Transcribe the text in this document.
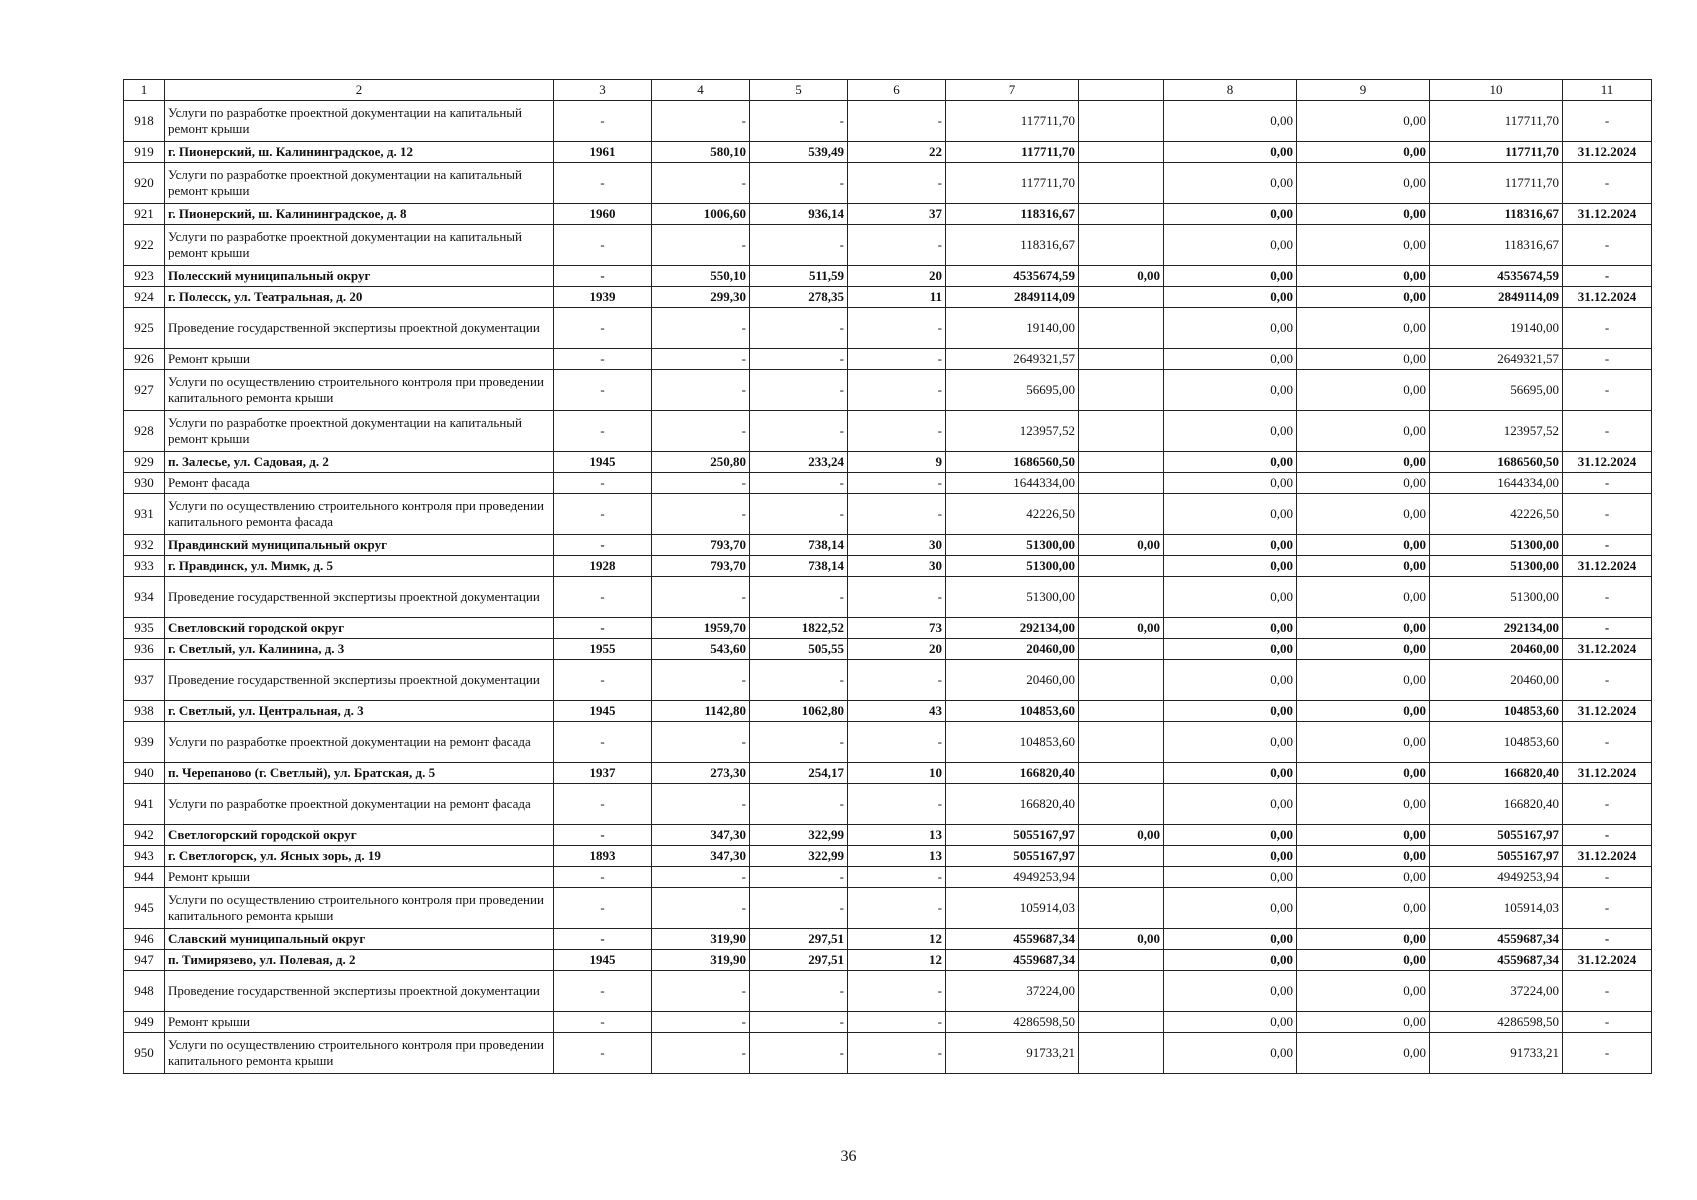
1	2	3	4	5	6	7		8	9	10	11
918	Услуги по разработке проектной документации на капитальный ремонт крыши	-	-	-	-	117711,70		0,00	0,00	117711,70	-
919	г. Пионерский, ш. Калининградское, д. 12	1961	580,10	539,49	22	117711,70		0,00	0,00	117711,70	31.12.2024
920	Услуги по разработке проектной документации на капитальный ремонт крыши	-	-	-	-	117711,70		0,00	0,00	117711,70	-
921	г. Пионерский, ш. Калининградское, д. 8	1960	1006,60	936,14	37	118316,67		0,00	0,00	118316,67	31.12.2024
922	Услуги по разработке проектной документации на капитальный ремонт крыши	-	-	-	-	118316,67		0,00	0,00	118316,67	-
923	Полесский муниципальный округ	-	550,10	511,59	20	4535674,59	0,00	0,00	0,00	4535674,59	-
924	г. Полесск, ул. Театральная, д. 20	1939	299,30	278,35	11	2849114,09		0,00	0,00	2849114,09	31.12.2024
925	Проведение государственной экспертизы проектной документации	-	-	-	-	19140,00		0,00	0,00	19140,00	-
926	Ремонт крыши	-	-	-	-	2649321,57		0,00	0,00	2649321,57	-
927	Услуги по осуществлению строительного контроля при проведении капитального ремонта крыши	-	-	-	-	56695,00		0,00	0,00	56695,00	-
928	Услуги по разработке проектной документации на капитальный ремонт крыши	-	-	-	-	123957,52		0,00	0,00	123957,52	-
929	п. Залесье, ул. Садовая, д. 2	1945	250,80	233,24	9	1686560,50		0,00	0,00	1686560,50	31.12.2024
930	Ремонт фасада	-	-	-	-	1644334,00		0,00	0,00	1644334,00	-
931	Услуги по осуществлению строительного контроля при проведении капитального ремонта фасада	-	-	-	-	42226,50		0,00	0,00	42226,50	-
932	Правдинский муниципальный округ	-	793,70	738,14	30	51300,00	0,00	0,00	0,00	51300,00	-
933	г. Правдинск, ул. Мимк, д. 5	1928	793,70	738,14	30	51300,00		0,00	0,00	51300,00	31.12.2024
934	Проведение государственной экспертизы проектной документации	-	-	-	-	51300,00		0,00	0,00	51300,00	-
935	Светловский городской округ	-	1959,70	1822,52	73	292134,00	0,00	0,00	0,00	292134,00	-
936	г. Светлый, ул. Калинина, д. 3	1955	543,60	505,55	20	20460,00		0,00	0,00	20460,00	31.12.2024
937	Проведение государственной экспертизы проектной документации	-	-	-	-	20460,00		0,00	0,00	20460,00	-
938	г. Светлый, ул. Центральная, д. 3	1945	1142,80	1062,80	43	104853,60		0,00	0,00	104853,60	31.12.2024
939	Услуги по разработке проектной документации на ремонт фасада	-	-	-	-	104853,60		0,00	0,00	104853,60	-
940	п. Черепаново (г. Светлый), ул. Братская, д. 5	1937	273,30	254,17	10	166820,40		0,00	0,00	166820,40	31.12.2024
941	Услуги по разработке проектной документации на ремонт фасада	-	-	-	-	166820,40		0,00	0,00	166820,40	-
942	Светлогорский городской округ	-	347,30	322,99	13	5055167,97	0,00	0,00	0,00	5055167,97	-
943	г. Светлогорск, ул. Ясных зорь, д. 19	1893	347,30	322,99	13	5055167,97		0,00	0,00	5055167,97	31.12.2024
944	Ремонт крыши	-	-	-	-	4949253,94		0,00	0,00	4949253,94	-
945	Услуги по осуществлению строительного контроля при проведении капитального ремонта крыши	-	-	-	-	105914,03		0,00	0,00	105914,03	-
946	Славский муниципальный округ	-	319,90	297,51	12	4559687,34	0,00	0,00	0,00	4559687,34	-
947	п. Тимирязево, ул. Полевая, д. 2	1945	319,90	297,51	12	4559687,34		0,00	0,00	4559687,34	31.12.2024
948	Проведение государственной экспертизы проектной документации	-	-	-	-	37224,00		0,00	0,00	37224,00	-
949	Ремонт крыши	-	-	-	-	4286598,50		0,00	0,00	4286598,50	-
950	Услуги по осуществлению строительного контроля при проведении капитального ремонта крыши	-	-	-	-	91733,21		0,00	0,00	91733,21	-
36
